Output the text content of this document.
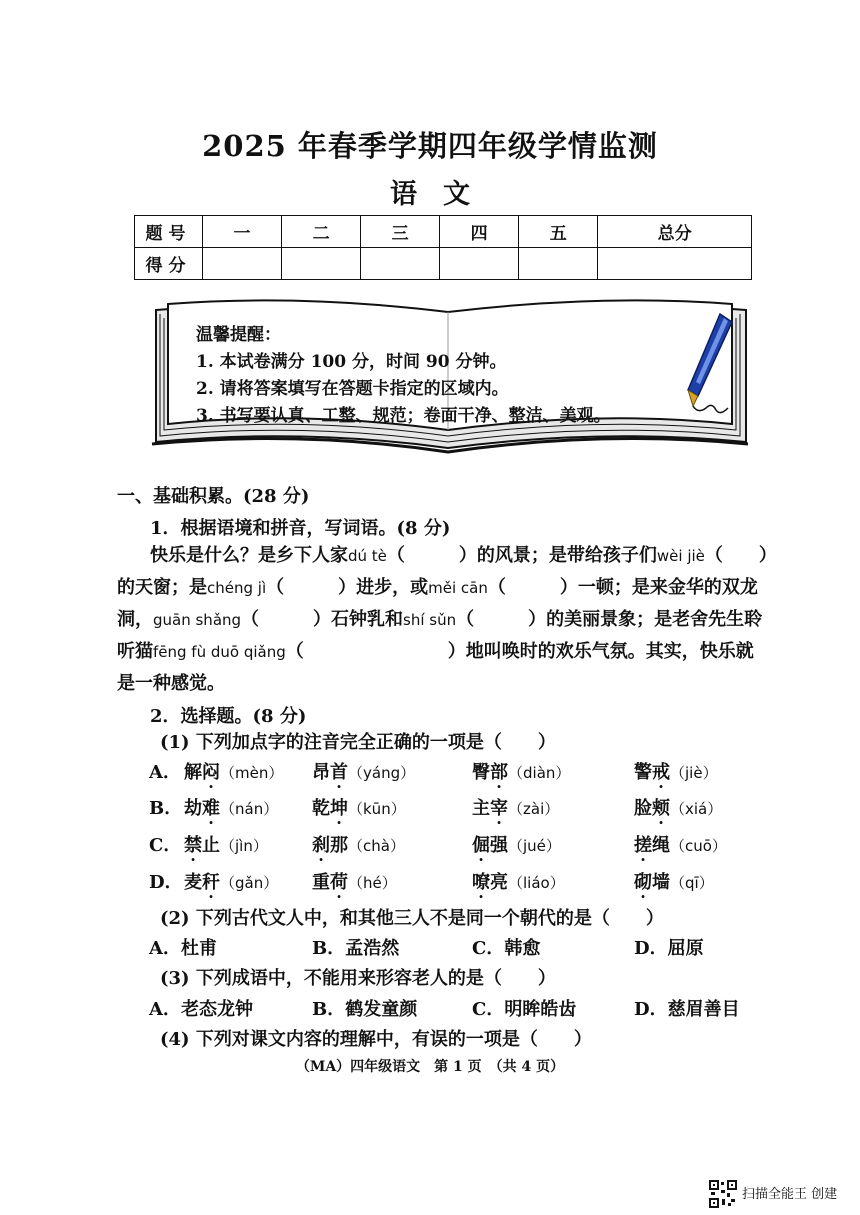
2025 年春季学期四年级学情监测
语文
题号	一	二	三	四	五	总分
得分						
温馨提醒：
1. 本试卷满分 100 分，时间 90 分钟。
2. 请将答案填写在答题卡指定的区域内。
3. 书写要认真、工整、规范；卷面干净、整洁、美观。
一、基础积累。(28 分)
1．根据语境和拼音，写词语。(8 分)

快乐是什么？是乡下人家dú tè（　　　）的风景；是带给孩子们wèi jiè（　　）的天窗；是chéng jì（　　　）进步，或měi cān（　　　）一顿；是来金华的双龙洞，guān shǎng（　　　）石钟乳和shí sǔn（　　　）的美丽景象；是老舍先生聆听猫fēng fù duō qiǎng（　　　　　　　　）地叫唤时的欢乐气氛。其实，快乐就是一种感觉。

2．选择题。(8 分)
(1) 下列加点字的注音完全正确的一项是（　　）
A． 解闷（mèn） 昂首（yáng）	臀部（diàn）	警戒（jiè）
B． 劫难（nán） 乾坤（kūn）	主宰（zài）	脸颊（xiá）
C． 禁止（jìn） 刹那（chà）	倔强（jué）	搓绳（cuō）
D． 麦秆（gǎn） 重荷（hé）	嘹亮（liáo）	砌墙（qī）
(2) 下列古代文人中，和其他三人不是同一个朝代的是（　　）
A．杜甫	B．孟浩然	C．韩愈	D．屈原
(3) 下列成语中，不能用来形容老人的是（　　）
A．老态龙钟	B．鹤发童颜	C．明眸皓齿	D．慈眉善目
(4) 下列对课文内容的理解中，有误的一项是（　　）
（MA）四年级语文　第 1 页　（共 4 页）
扫描全能王 创建
